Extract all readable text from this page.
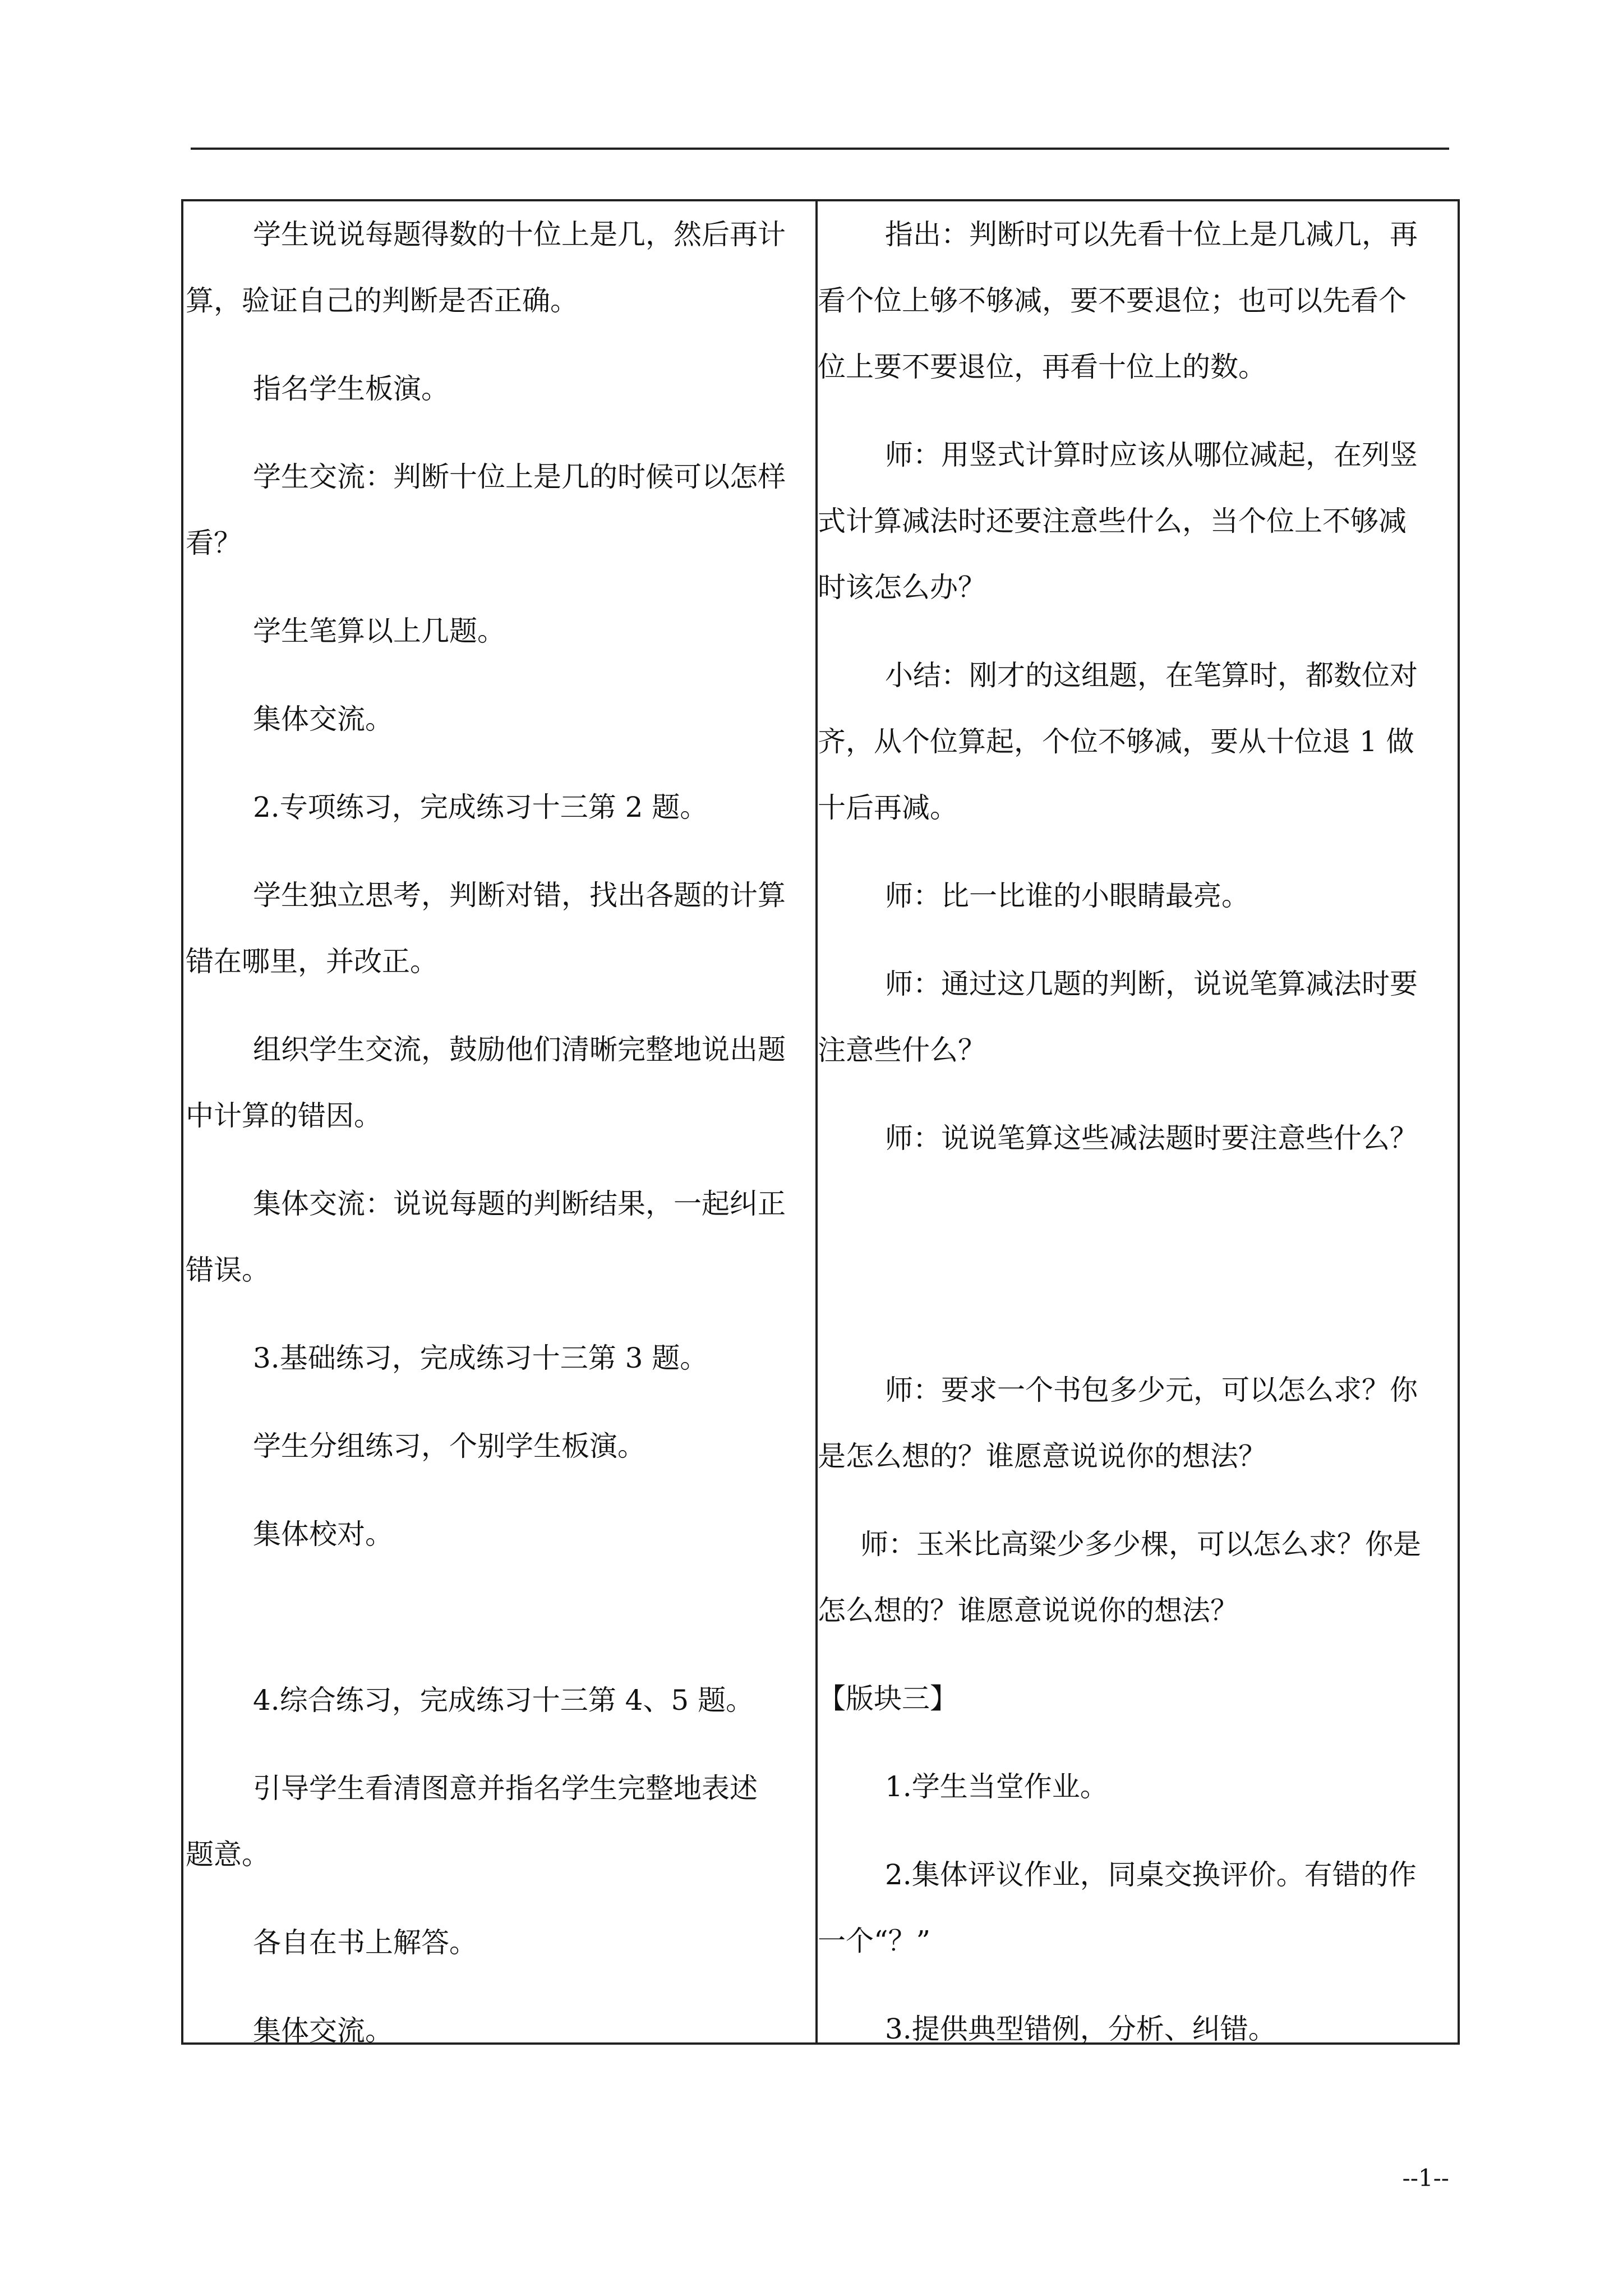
学生说说每题得数的十位上是几，然后再计
算，验证自己的判断是否正确。
指名学生板演。
学生交流：判断十位上是几的时候可以怎样
看？
学生笔算以上几题。
集体交流。
2.专项练习，完成练习十三第 2 题。
学生独立思考，判断对错，找出各题的计算
错在哪里，并改正。
组织学生交流，鼓励他们清晰完整地说出题
中计算的错因。
集体交流：说说每题的判断结果，一起纠正
错误。
3.基础练习，完成练习十三第 3 题。
学生分组练习，个别学生板演。
集体校对。
4.综合练习，完成练习十三第 4、5 题。
引导学生看清图意并指名学生完整地表述
题意。
各自在书上解答。
集体交流。
指出：判断时可以先看十位上是几减几，再
看个位上够不够减，要不要退位；也可以先看个
位上要不要退位，再看十位上的数。
师：用竖式计算时应该从哪位减起，在列竖
式计算减法时还要注意些什么，当个位上不够减
时该怎么办？
小结：刚才的这组题，在笔算时，都数位对
齐，从个位算起，个位不够减，要从十位退 1 做
十后再减。
师：比一比谁的小眼睛最亮。
师：通过这几题的判断，说说笔算减法时要
注意些什么？
师：说说笔算这些减法题时要注意些什么？
师：要求一个书包多少元，可以怎么求？你
是怎么想的？谁愿意说说你的想法？
师：玉米比高粱少多少棵，可以怎么求？你是
怎么想的？谁愿意说说你的想法？
【版块三】
1.学生当堂作业。
2.集体评议作业，同桌交换评价。有错的作
一个“？”
3.提供典型错例，分析、纠错。
--1--
